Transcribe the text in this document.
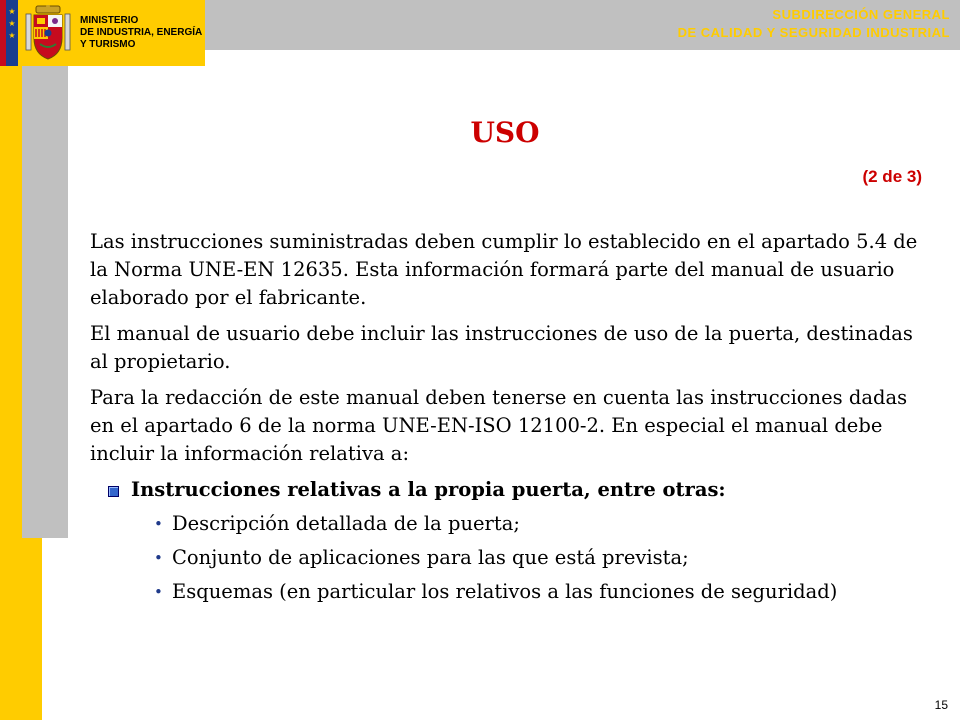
★ ★ ★

MINISTERIO
DE INDUSTRIA, ENERGÍA
Y TURISMO

SUBDIRECCIÓN GENERAL
DE CALIDAD Y SEGURIDAD INDUSTRIAL
USO
(2 de 3)

Las instrucciones suministradas deben cumplir lo establecido en el apartado 5.4 de la Norma UNE-EN 12635. Esta información formará parte del manual de usuario elaborado por el fabricante.

El manual de usuario debe incluir las instrucciones de uso de la puerta, destinadas al propietario.

Para la redacción de este manual deben tenerse en cuenta las instrucciones dadas en el apartado 6 de la norma UNE-EN-ISO 12100-2. En especial el manual debe incluir la información relativa a:

Instrucciones relativas a la propia puerta, entre otras:
• Descripción detallada de la puerta;
• Conjunto de aplicaciones para las que está prevista;
• Esquemas (en particular los relativos a las funciones de seguridad)
15
